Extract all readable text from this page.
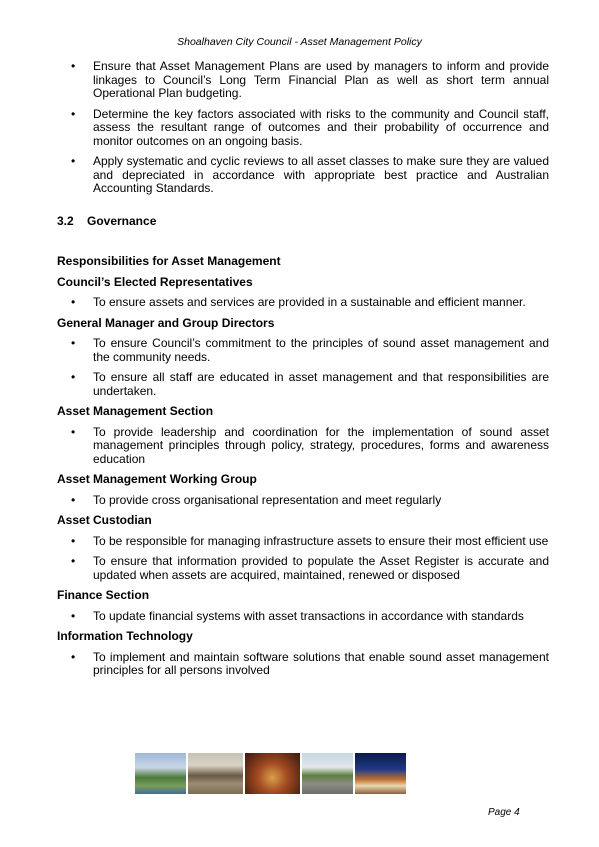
Shoalhaven City Council - Asset Management Policy
• Ensure that Asset Management Plans are used by managers to inform and provide linkages to Council’s Long Term Financial Plan as well as short term annual Operational Plan budgeting.
• Determine the key factors associated with risks to the community and Council staff, assess the resultant range of outcomes and their probability of occurrence and monitor outcomes on an ongoing basis.
• Apply systematic and cyclic reviews to all asset classes to make sure they are valued and depreciated in accordance with appropriate best practice and Australian Accounting Standards.
3.2 Governance
Responsibilities for Asset Management
Council’s Elected Representatives
• To ensure assets and services are provided in a sustainable and efficient manner.
General Manager and Group Directors
• To ensure Council’s commitment to the principles of sound asset management and the community needs.
• To ensure all staff are educated in asset management and that responsibilities are undertaken.
Asset Management Section
• To provide leadership and coordination for the implementation of sound asset management principles through policy, strategy, procedures, forms and awareness education
Asset Management Working Group
• To provide cross organisational representation and meet regularly
Asset Custodian
• To be responsible for managing infrastructure assets to ensure their most efficient use
• To ensure that information provided to populate the Asset Register is accurate and updated when assets are acquired, maintained, renewed or disposed
Finance Section
• To update financial systems with asset transactions in accordance with standards
Information Technology
• To implement and maintain software solutions that enable sound asset management principles for all persons involved
Page 4
